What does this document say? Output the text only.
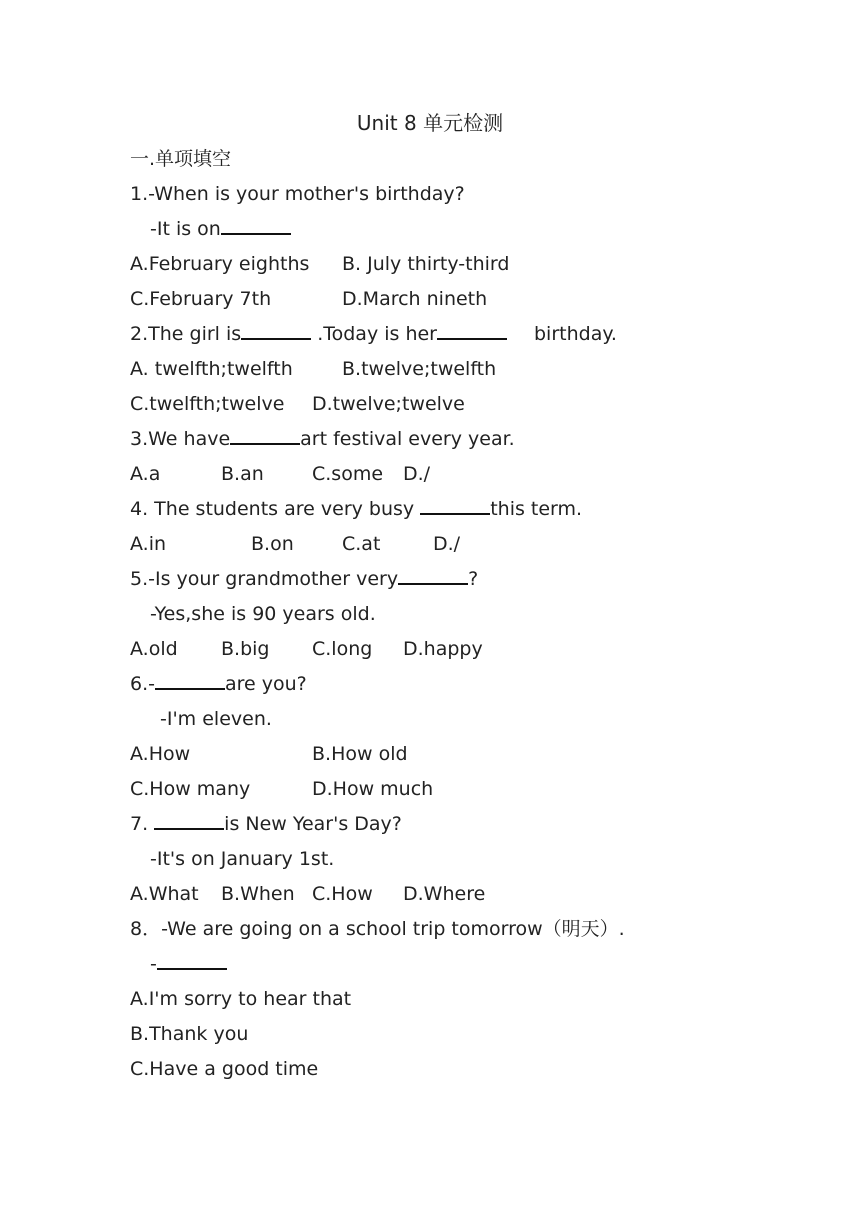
Unit 8 单元检测
一.单项填空
1.-When is your mother's birthday?
-It is on
A.February eighths B. July thirty-third
C.February 7th	D.March nineth
2.The girl is	.Today is her	birthday.
A. twelfth;twelfth	B.twelve;twelfth
C.twelfth;twelve D.twelve;twelve
3.We have	art festival every year.
A.a	B.an	C.some D./
4. The students are very busy	this term.
A.in	B.on	C.at	D./
5.-Is your grandmother very	?
-Yes,she is 90 years old.
A.old B.big C.long D.happy
6.-	are you?
-I'm eleven.
A.How	B.How old
C.How many	D.How much
7.	is New Year's Day?
-It's on January 1st.
A.What B.When C.How D.Where
8．-We are going on a school trip tomorrow（明天）.
-
A.I'm sorry to hear that
B.Thank you
C.Have a good time
